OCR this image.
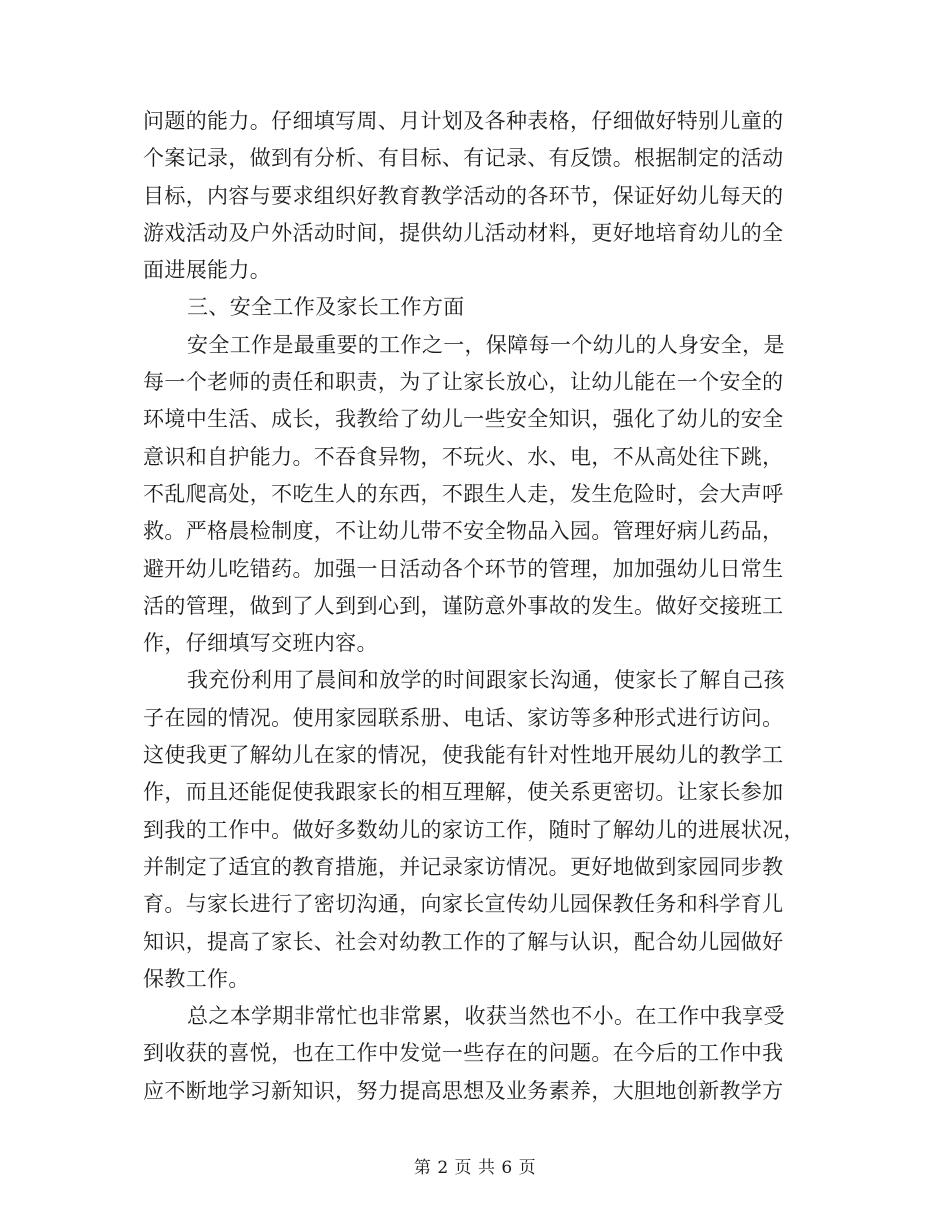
问题的能力。仔细填写周、月计划及各种表格，仔细做好特别儿童的
个案记录，做到有分析、有目标、有记录、有反馈。根据制定的活动
目标，内容与要求组织好教育教学活动的各环节，保证好幼儿每天的
游戏活动及户外活动时间，提供幼儿活动材料，更好地培育幼儿的全
面进展能力。
三、安全工作及家长工作方面
安全工作是最重要的工作之一，保障每一个幼儿的人身安全，是
每一个老师的责任和职责，为了让家长放心，让幼儿能在一个安全的
环境中生活、成长，我教给了幼儿一些安全知识，强化了幼儿的安全
意识和自护能力。不吞食异物，不玩火、水、电，不从高处往下跳，
不乱爬高处，不吃生人的东西，不跟生人走，发生危险时，会大声呼
救。严格晨检制度，不让幼儿带不安全物品入园。管理好病儿药品，
避开幼儿吃错药。加强一日活动各个环节的管理，加加强幼儿日常生
活的管理，做到了人到到心到，谨防意外事故的发生。做好交接班工
作，仔细填写交班内容。
我充份利用了晨间和放学的时间跟家长沟通，使家长了解自己孩
子在园的情况。使用家园联系册、电话、家访等多种形式进行访问。
这使我更了解幼儿在家的情况，使我能有针对性地开展幼儿的教学工
作，而且还能促使我跟家长的相互理解，使关系更密切。让家长参加
到我的工作中。做好多数幼儿的家访工作，随时了解幼儿的进展状况，
并制定了适宜的教育措施，并记录家访情况。更好地做到家园同步教
育。与家长进行了密切沟通，向家长宣传幼儿园保教任务和科学育儿
知识，提高了家长、社会对幼教工作的了解与认识，配合幼儿园做好
保教工作。
总之本学期非常忙也非常累，收获当然也不小。在工作中我享受
到收获的喜悦，也在工作中发觉一些存在的问题。在今后的工作中我
应不断地学习新知识，努力提高思想及业务素养，大胆地创新教学方
第 2 页 共 6 页
